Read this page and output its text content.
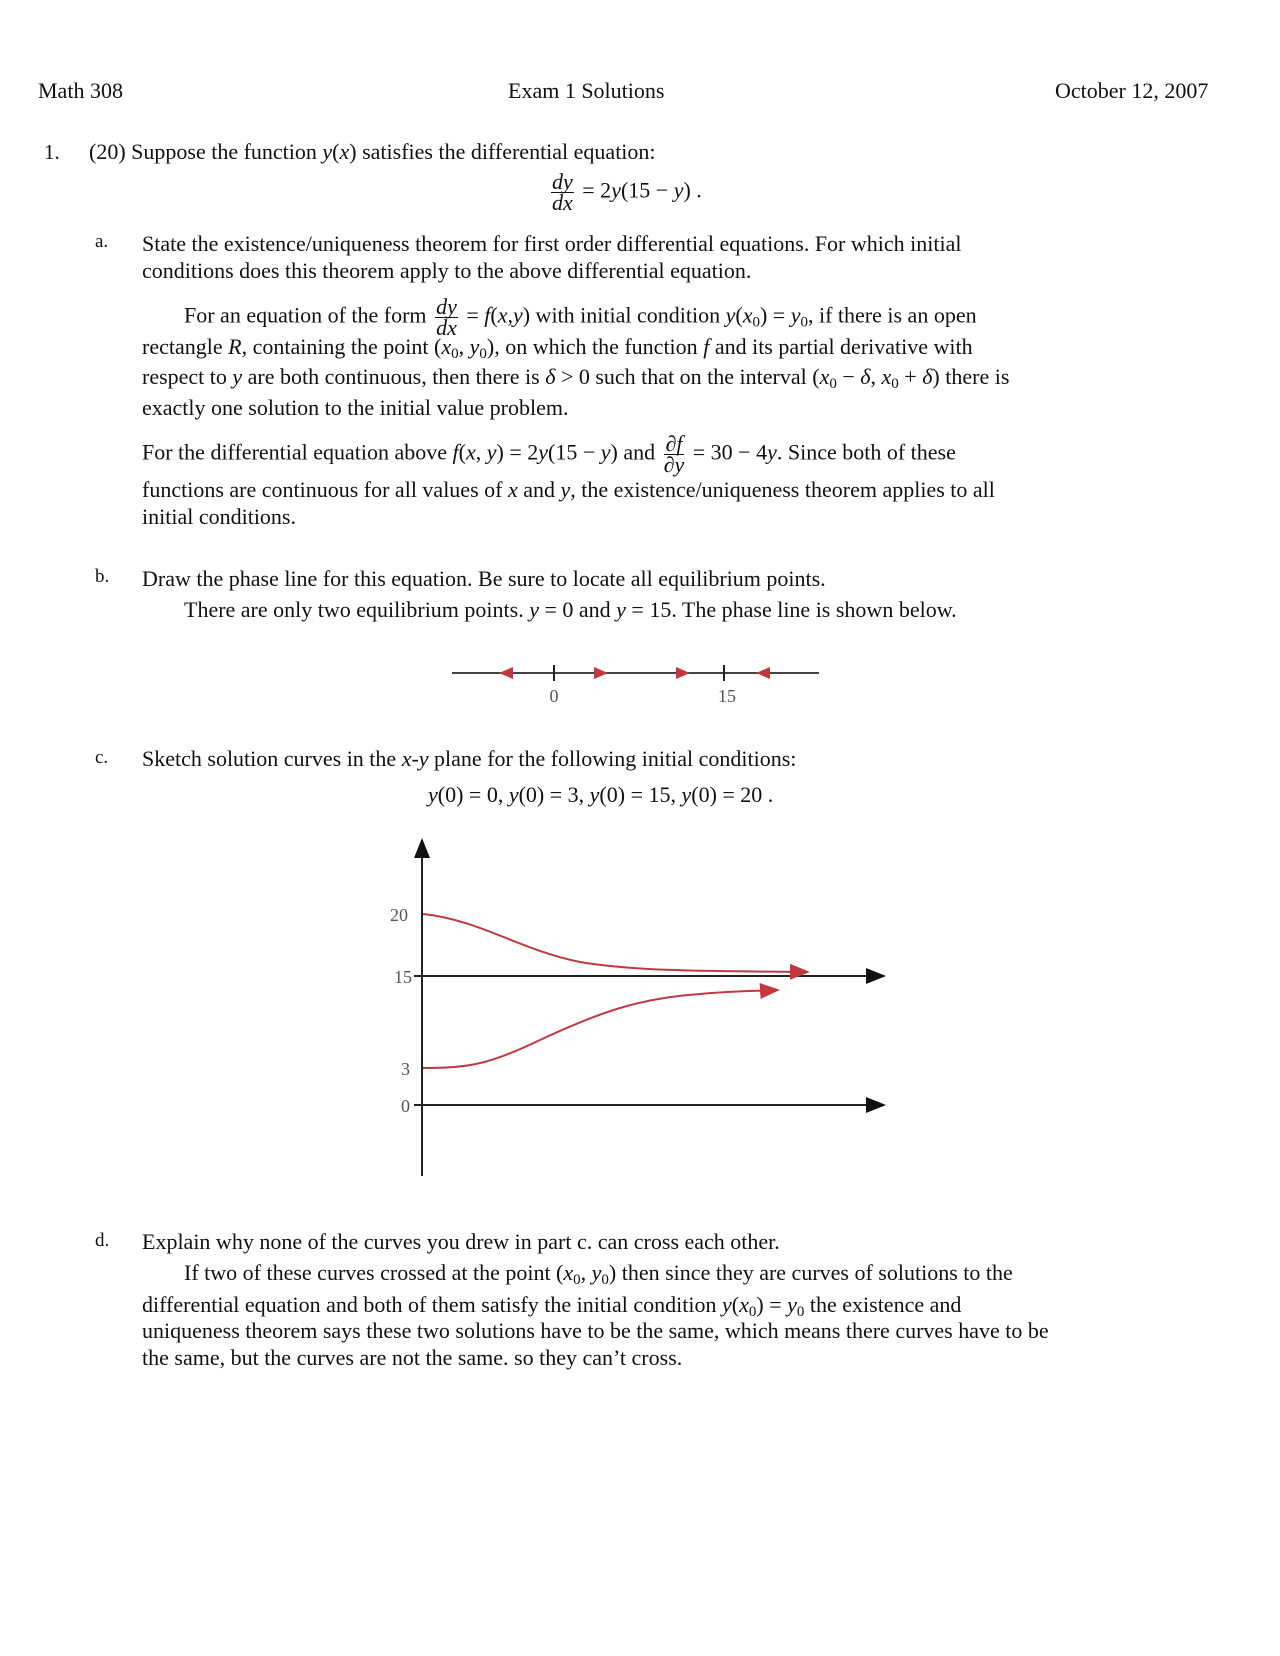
Math 308	Exam 1 Solutions	October 12, 2007
1.
a.
b.
c.
d.
(20) Suppose the function y(x) satisfies the differential equation:
$\frac{dy}{dx} = 2y(15 - y)$ .
State the existence/uniqueness theorem for first order differential equations. For which initial
conditions does this theorem apply to the above differential equation.
For an equation of the form $\frac{dy}{dx} = f(x,y)$ with initial condition $y(x_0) = y_0$, if there is an open
rectangle R, containing the point ($x_0$, $y_0$), on which the function f and its partial derivative with
respect to y are both continuous, then there is δ > 0 such that on the interval ($x_0 - \delta$, $x_0 + \delta$) there is
exactly one solution to the initial value problem.
For the differential equation above f(x, y) = 2y(15 − y) and $\frac{\partial f}{\partial y} = 30 - 4y$. Since both of these
functions are continuous for all values of x and y, the existence/uniqueness theorem applies to all
initial conditions.
Draw the phase line for this equation. Be sure to locate all equilibrium points.
There are only two equilibrium points. y = 0 and y = 15. The phase line is shown below.
Sketch solution curves in the x-y plane for the following initial conditions:
y(0) = 0, y(0) = 3, y(0) = 15, y(0) = 20 .
Explain why none of the curves you drew in part c. can cross each other.
If two of these curves crossed at the point ($x_0$, $y_0$) then since they are curves of solutions to the
differential equation and both of them satisfy the initial condition $y(x_0) = y_0$ the existence and
uniqueness theorem says these two solutions have to be the same, which means there curves have to be
the same, but the curves are not the same. so they can’t cross.
0	15
20
15
3
0
